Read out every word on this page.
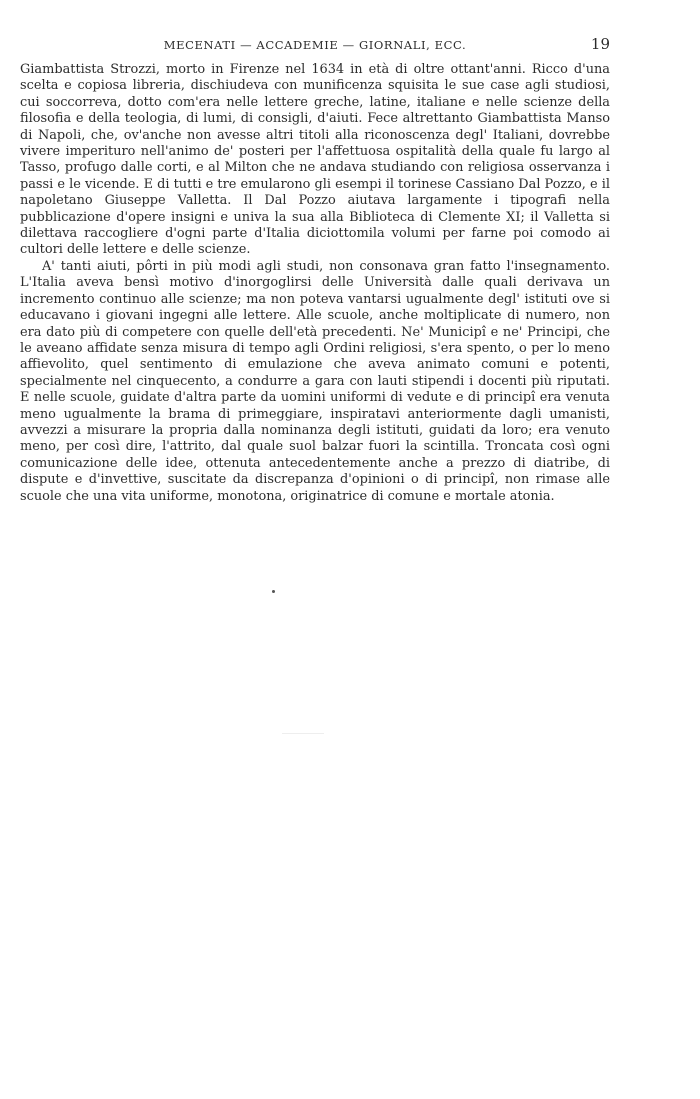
MECENATI — ACCADEMIE — GIORNALI, ECC.	19

Giambattista Strozzi, morto in Firenze nel 1634 in età di oltre ottant'anni. Ricco d'una scelta e copiosa libreria, dischiudeva con munificenza squisita le sue case agli studiosi, cui soccorreva, dotto com'era nelle lettere greche, latine, italiane e nelle scienze della filosofia e della teologia, di lumi, di consigli, d'aiuti. Fece altrettanto Giambattista Manso di Napoli, che, ov'anche non avesse altri titoli alla riconoscenza degl' Italiani, dovrebbe vivere imperituro nell'animo de' posteri per l'affettuosa ospitalità della quale fu largo al Tasso, profugo dalle corti, e al Milton che ne andava studiando con religiosa osservanza i passi e le vicende. E di tutti e tre emularono gli esempi il torinese Cassiano Dal Pozzo, e il napoletano Giuseppe Valletta. Il Dal Pozzo aiutava largamente i tipografi nella pubblicazione d'opere insigni e univa la sua alla Biblioteca di Clemente XI; il Valletta si dilettava raccogliere d'ogni parte d'Italia diciottomila volumi per farne poi comodo ai cultori delle lettere e delle scienze.

A' tanti aiuti, pôrti in più modi agli studi, non consonava gran fatto l'insegnamento. L'Italia aveva bensì motivo d'inorgoglirsi delle Università dalle quali derivava un incremento continuo alle scienze; ma non poteva vantarsi ugualmente degl' istituti ove si educavano i giovani ingegni alle lettere. Alle scuole, anche moltiplicate di numero, non era dato più di competere con quelle dell'età precedenti. Ne' Municipî e ne' Principi, che le aveano affidate senza misura di tempo agli Ordini religiosi, s'era spento, o per lo meno affievolito, quel sentimento di emulazione che aveva animato comuni e potenti, specialmente nel cinquecento, a condurre a gara con lauti stipendi i docenti più riputati. E nelle scuole, guidate d'altra parte da uomini uniformi di vedute e di principî era venuta meno ugualmente la brama di primeggiare, inspiratavi anteriormente dagli umanisti, avvezzi a misurare la propria dalla nominanza degli istituti, guidati da loro; era venuto meno, per così dire, l'attrito, dal quale suol balzar fuori la scintilla. Troncata così ogni comunicazione delle idee, ottenuta antecedentemente anche a prezzo di diatribe, di dispute e d'invettive, suscitate da discrepanza d'opinioni o di principî, non rimase alle scuole che una vita uniforme, monotona, originatrice di comune e mortale atonia.
